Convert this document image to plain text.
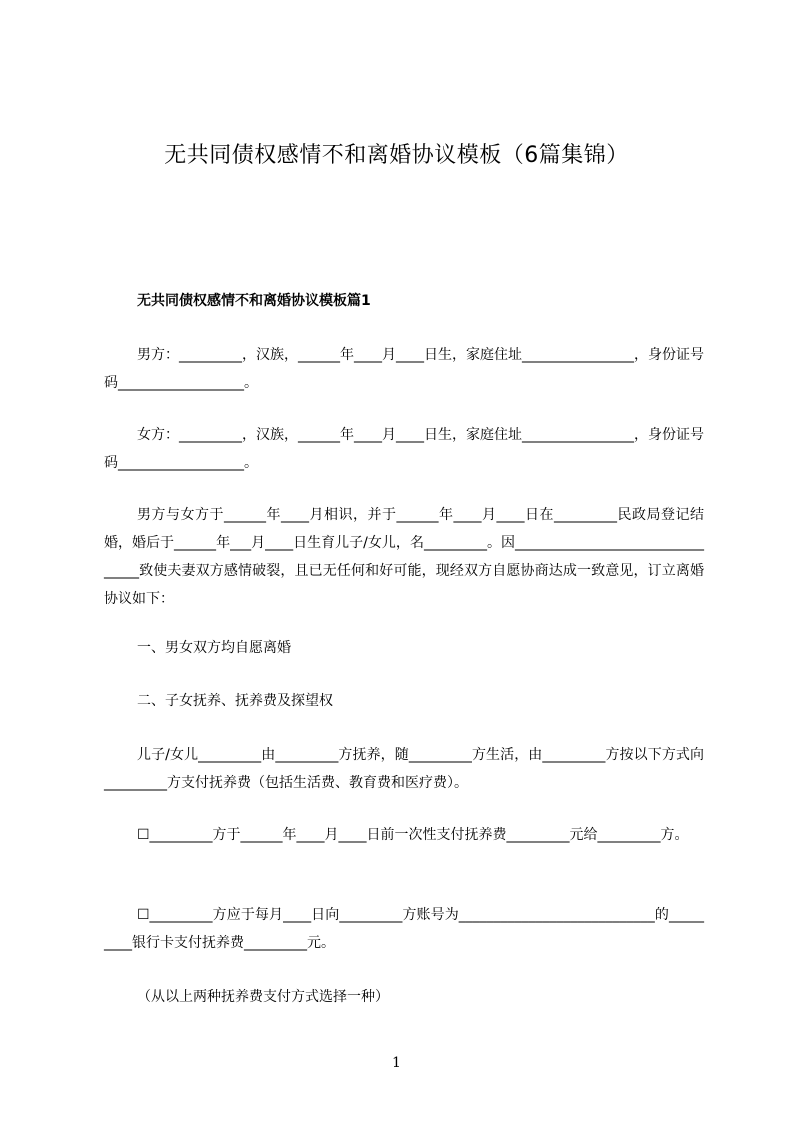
无共同债权感情不和离婚协议模板（6篇集锦）
无共同债权感情不和离婚协议模板篇1
男方：_________，汉族，______年____月____日生，家庭住址________________，身份证号码__________________。
女方：_________，汉族，______年____月____日生，家庭住址________________，身份证号码__________________。
男方与女方于______年____月相识，并于______年____月____日在_________民政局登记结婚，婚后于______年___月____日生育儿子/女儿，名_________。因________________________________致使夫妻双方感情破裂，且已无任何和好可能，现经双方自愿协商达成一致意见，订立离婚协议如下：
一、男女双方均自愿离婚
二、子女抚养、抚养费及探望权
儿子/女儿_________由_________方抚养，随_________方生活，由_________方按以下方式向_________方支付抚养费（包括生活费、教育费和医疗费）。
☐_________方于______年____月____日前一次性支付抚养费_________元给_________方。
☐_________方应于每月____日向_________方账号为____________________________的_________银行卡支付抚养费_________元。
（从以上两种抚养费支付方式选择一种）
1
